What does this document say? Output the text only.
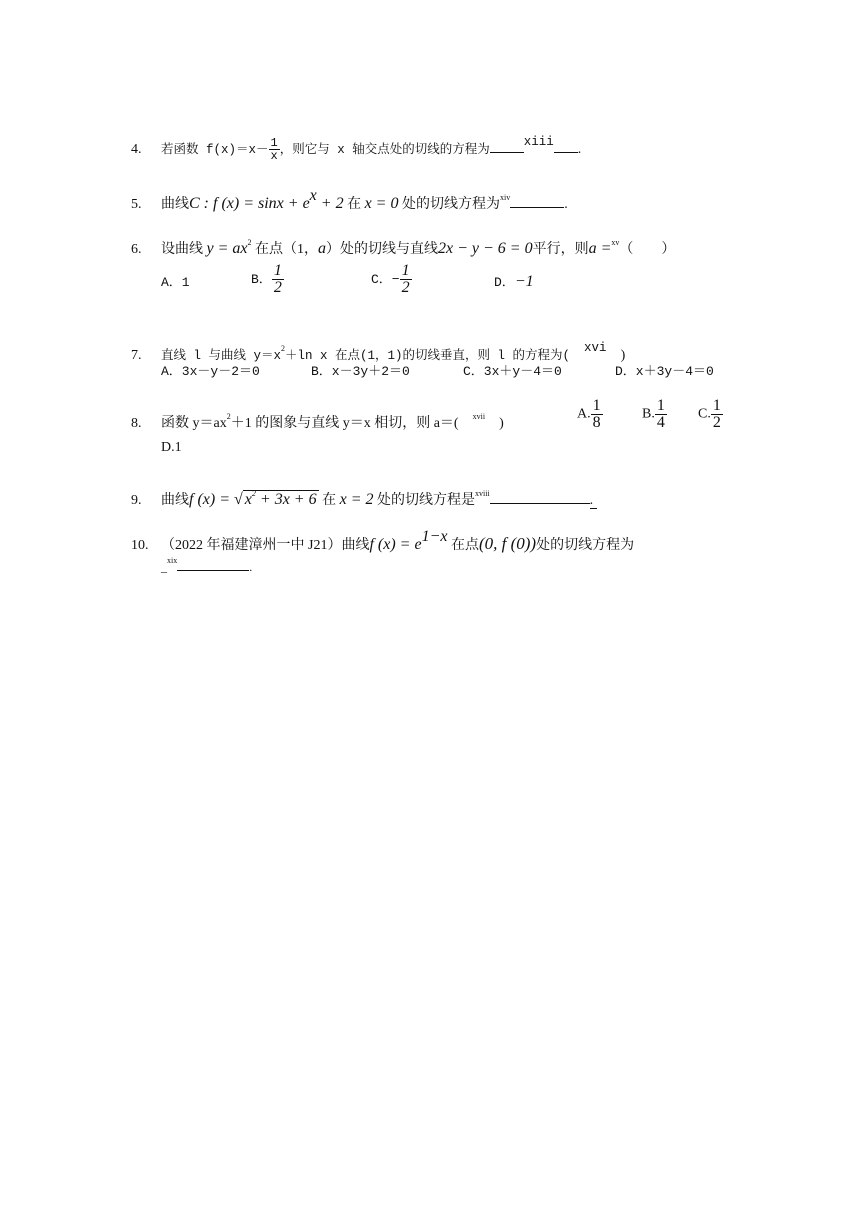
4. 若函数 $f(x)=x- \frac{1}{x}$ ，则它与 x 轴交点处的切线的方程为xiii .
5. 曲线C : f (x) = sinx + ex + 2 在 x = 0 处的切线方程为$^{xiv}$	.
6. 设曲线 $y = ax^2$ 在点（1，a）处的切线与直线2x − y − 6 = 0平行，则a =$^{xv}$（　　）
A．1	B． $\frac{1}{2}$	C．− $\frac{1}{2}$	D．−1
7. 直线 l 与曲线 $y=x^2+\ln$ x 在点(1，1)的切线垂直，则 l 的方程为(xvi )
A．3x－y－2＝0	B．x－3y＋2＝0	C．3x＋y－4＝0	D．x＋3y－4＝0
8. 函数 $y=ax^2+1$ 的图象与直线 y＝x 相切，则 a＝( $^{xvii}$ )
A. $\frac{1}{8}$	B. $\frac{1}{4} C$. $\frac{1}{2}$
D.1
9. 曲线f (x) = √ $x^2 + 3x + 6$ 在 x = 2 处的切线方程是$^{xviii}$	.
10. （2022 年福建漳州一中 J21）曲线f (x) = e1−x 在点(0, f (0))处的切线方程为
_$^{xix}$	.
